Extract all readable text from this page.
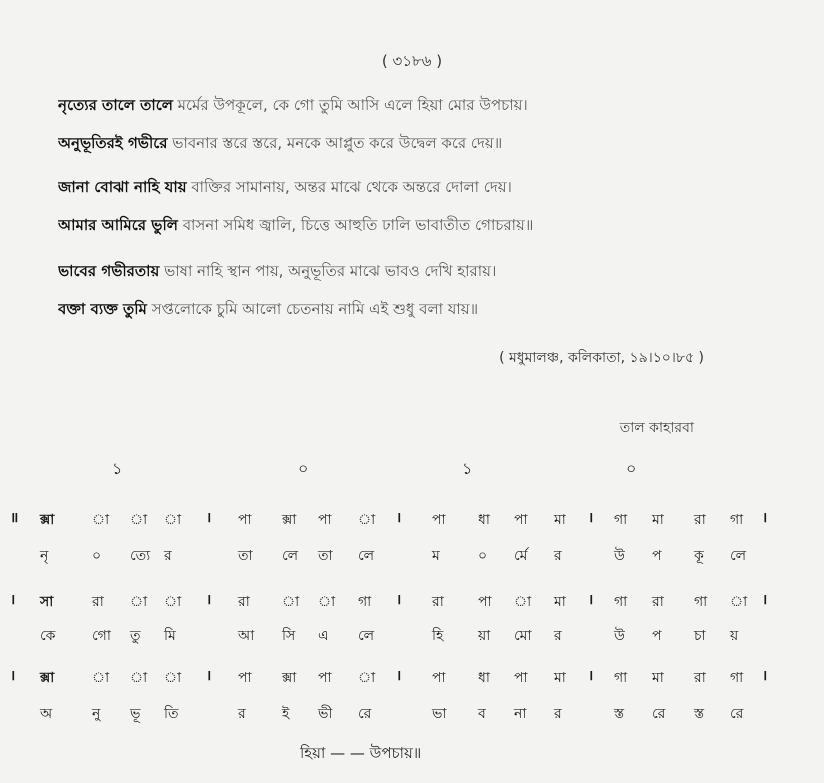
( ৩১৮৬ )
নৃত্যের তালে তালে মর্মের উপকূলে, কে গো তুমি আসি এলে হিয়া মোর উপচায়।
অনুভূতিরই গভীরে ভাবনার স্তরে স্তরে, মনকে আপ্লুত করে উদ্বেল করে দেয়॥
জানা বোঝা নাহি যায় বাক্তির সামানায়, অন্তর মাঝে থেকে অন্তরে দোলা দেয়।
আমার আমিরে ভুলি বাসনা সমিধ জ্বালি, চিত্তে আহুতি ঢালি ভাবাতীত গোচরায়॥
ভাবের গভীরতায় ভাষা নাহি স্থান পায়, অনুভূতির মাঝে ভাবও দেখি হারায়।
বক্তা ব্যক্ত তুমি সপ্তলোকে চুমি আলো চেতনায় নামি এই শুধু বলা যায়॥
( মধুমালঞ্চ, কলিকাতা, ১৯।১০।৮৫ )
তাল কাহারবা
১	০	১	০
॥ ক্সা	া া া । পা ক্সা পা া । পা ধা পা মা । গা মা রা গা ।
নৃ	০ ত্যে র	তা লে তা লে	ম	০ র্মে র	উ প কূ লে
। সা	রা া া । রা া া গা । রা পা া মা । গা রা গা া ।
কে	গো তু মি	আ সি এ লে	হি য়া মো র	উ প চা য়
। ক্সা	া া া । পা ক্সা পা া । পা ধা পা মা । গা মা রা গা ।
অ	নু ভূ তি	র	ই ভী রে	ভা ব না র	স্ত রে স্ত রে
হিয়া — — উপচায়॥
